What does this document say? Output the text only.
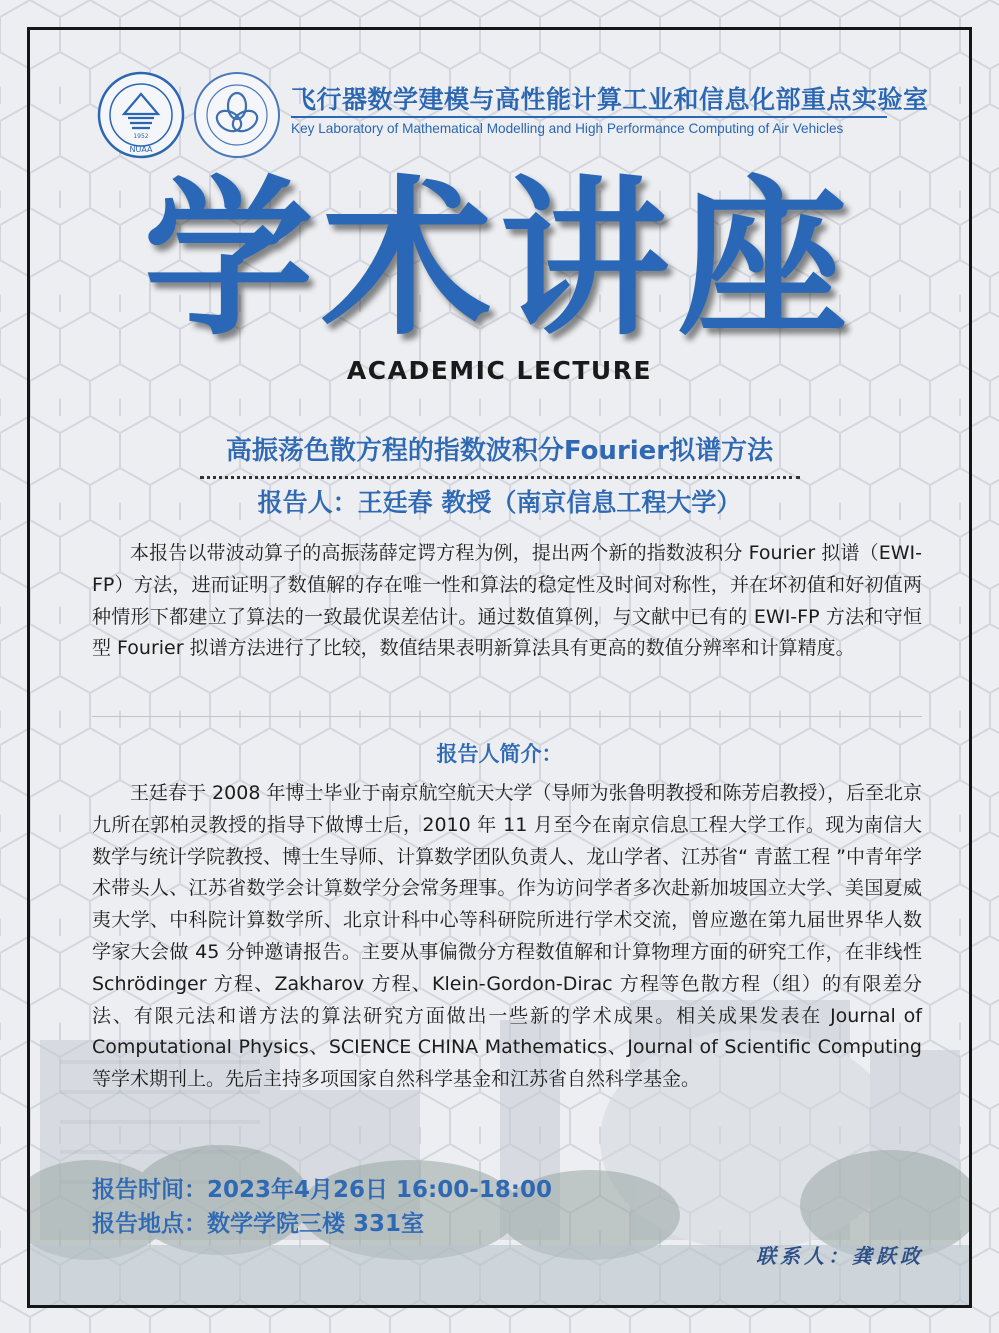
1952
NUAA
飞行器数学建模与高性能计算工业和信息化部重点实验室
Key Laboratory of Mathematical Modelling and High Performance Computing of Air Vehicles
学术讲座
ACADEMIC LECTURE
高振荡色散方程的指数波积分Fourier拟谱方法
报告人：王廷春 教授（南京信息工程大学）
本报告以带波动算子的高振荡薛定谔方程为例，提出两个新的指数波积分 Fourier 拟谱（EWI-FP）方法，进而证明了数值解的存在唯一性和算法的稳定性及时间对称性，并在坏初值和好初值两种情形下都建立了算法的一致最优误差估计。通过数值算例，与文献中已有的 EWI-FP 方法和守恒型 Fourier 拟谱方法进行了比较，数值结果表明新算法具有更高的数值分辨率和计算精度。
报告人简介：
王廷春于 2008 年博士毕业于南京航空航天大学（导师为张鲁明教授和陈芳启教授），后至北京九所在郭柏灵教授的指导下做博士后，2010 年 11 月至今在南京信息工程大学工作。现为南信大数学与统计学院教授、博士生导师、计算数学团队负责人、龙山学者、江苏省“ 青蓝工程 ”中青年学术带头人、江苏省数学会计算数学分会常务理事。作为访问学者多次赴新加坡国立大学、美国夏威夷大学、中科院计算数学所、北京计科中心等科研院所进行学术交流，曾应邀在第九届世界华人数学家大会做 45 分钟邀请报告。主要从事偏微分方程数值解和计算物理方面的研究工作，在非线性 Schrödinger 方程、Zakharov 方程、Klein-Gordon-Dirac 方程等色散方程（组）的有限差分法、有限元法和谱方法的算法研究方面做出一些新的学术成果。相关成果发表在 Journal of Computational Physics、SCIENCE CHINA Mathematics、Journal of Scientific Computing 等学术期刊上。先后主持多项国家自然科学基金和江苏省自然科学基金。
报告时间：2023年4月26日 16:00-18:00
报告地点：数学学院三楼 331室
联系人：龚跃政
